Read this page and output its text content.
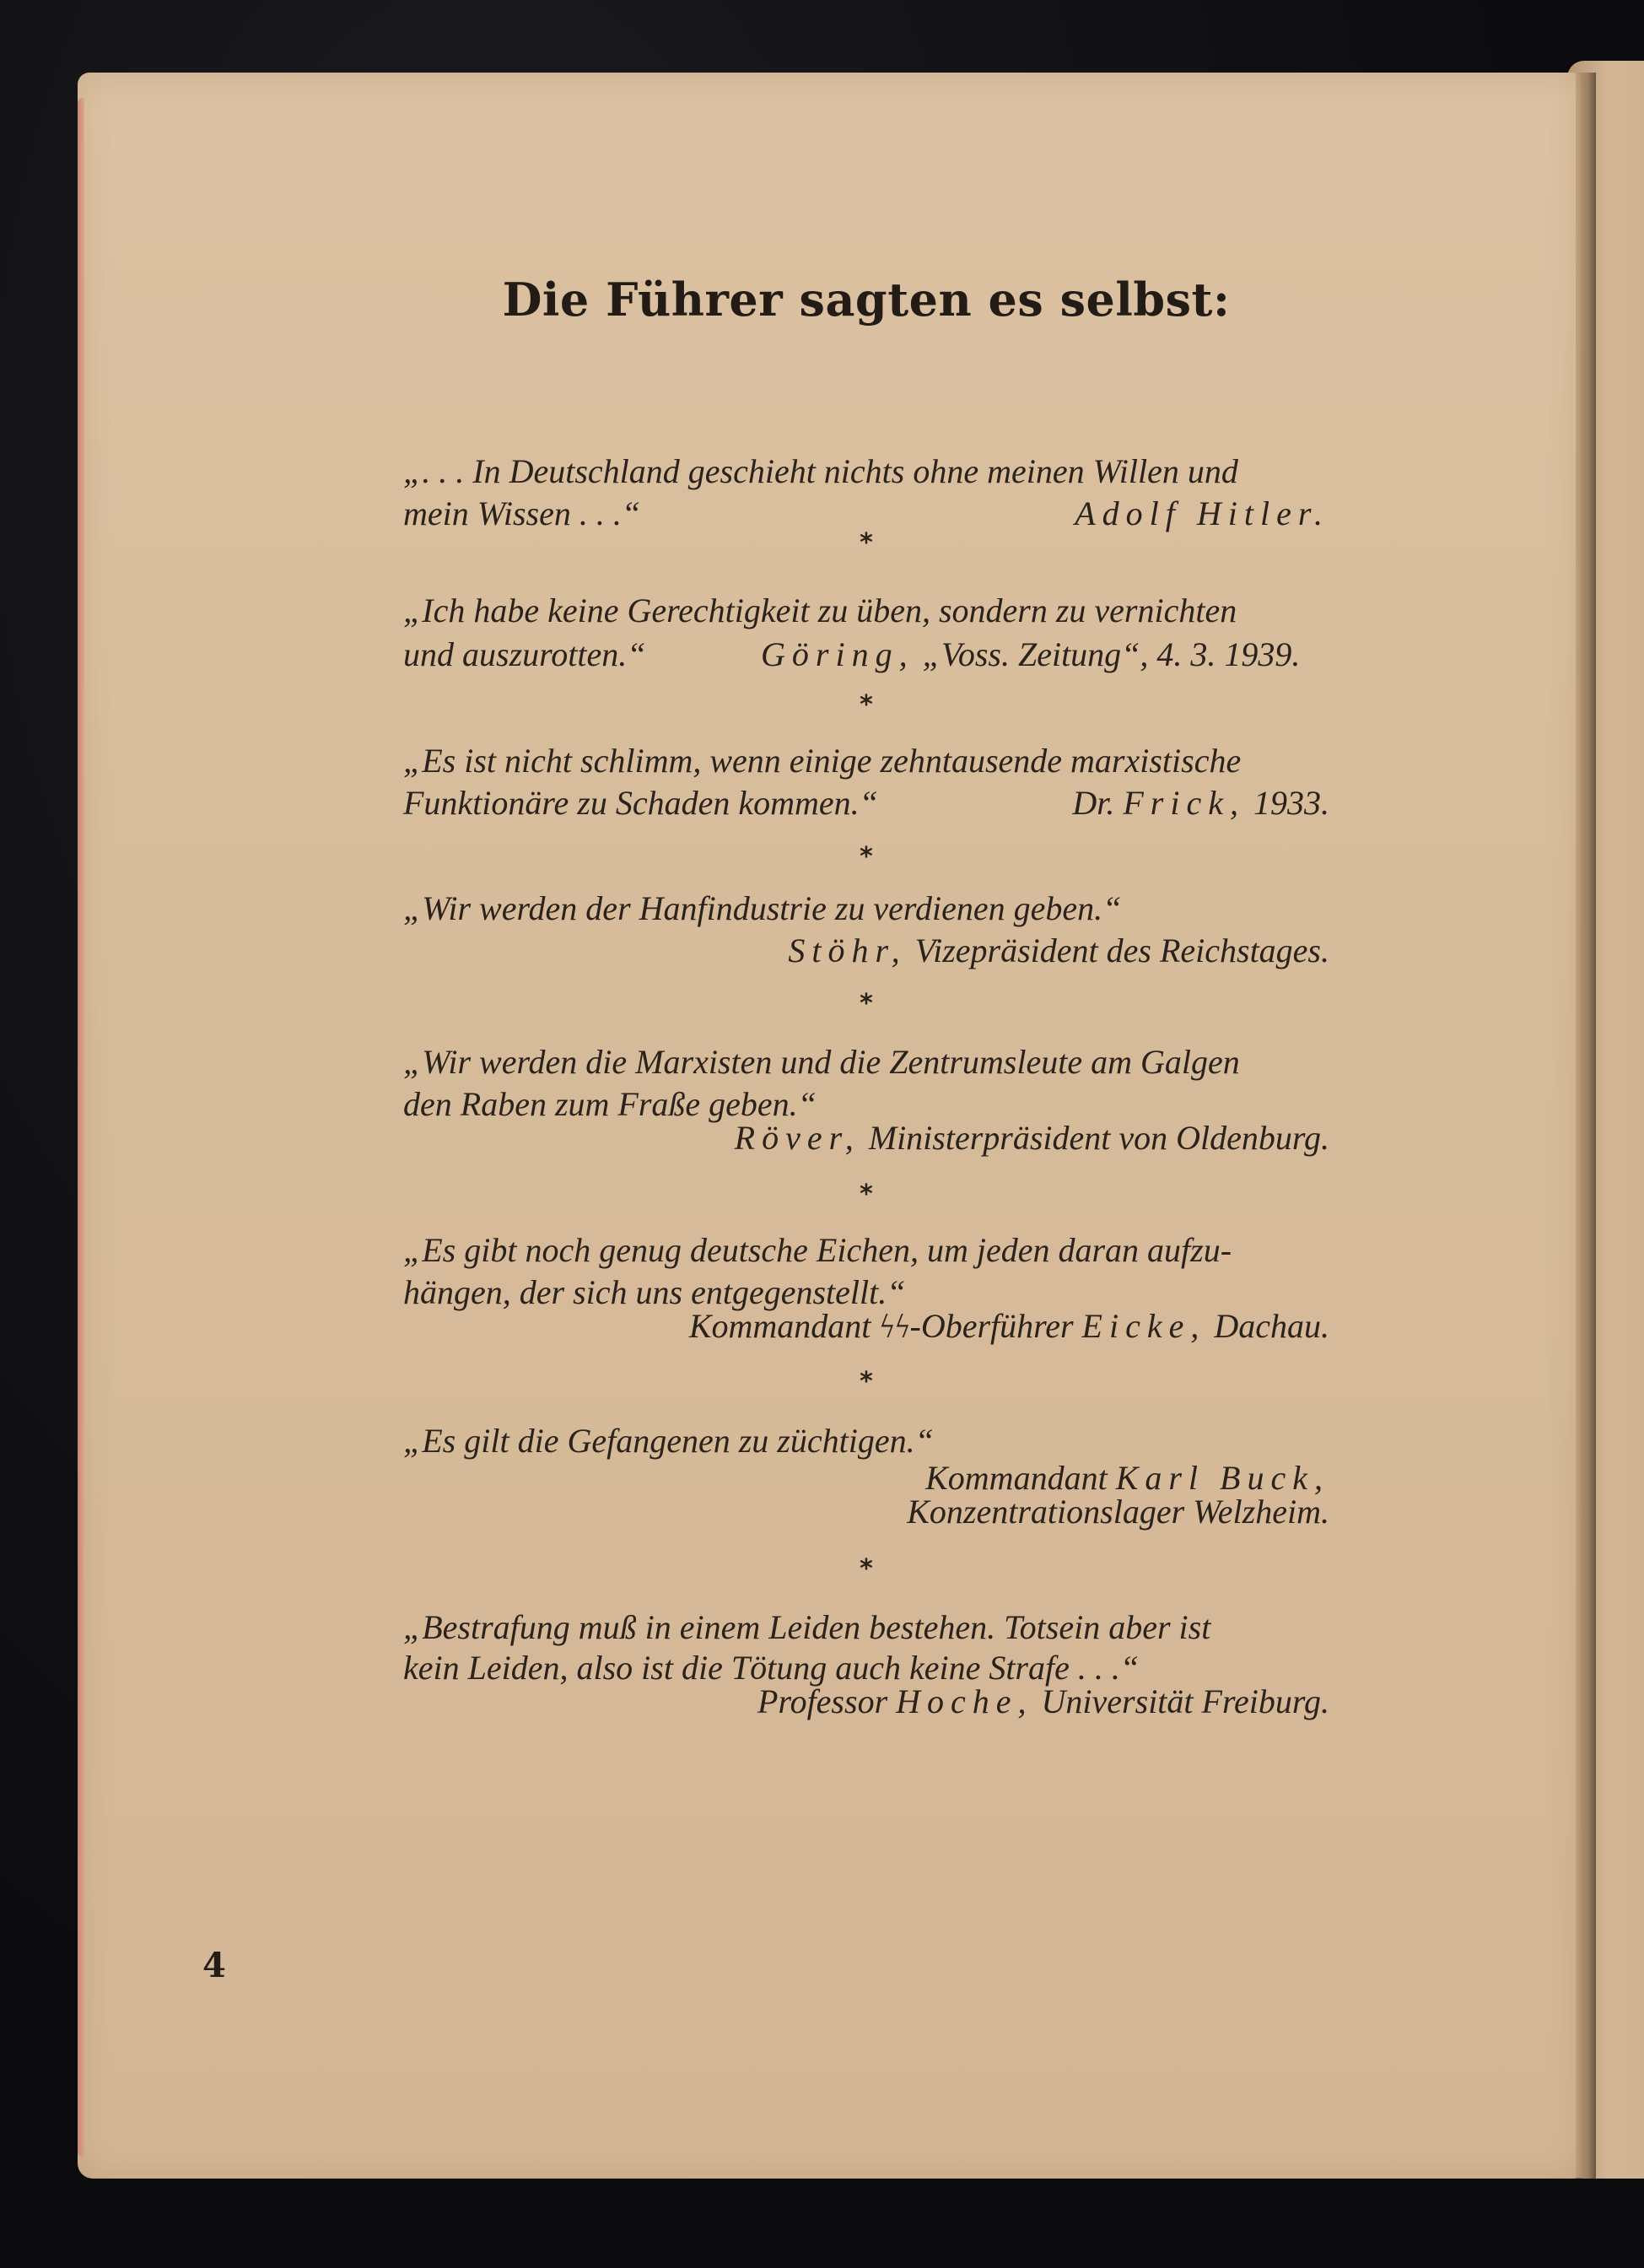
Die Führer sagten es selbst:
„. . . In Deutschland geschieht nichts ohne meinen Willen und
mein Wissen . . .“	Adolf Hitler.
*
„Ich habe keine Gerechtigkeit zu üben, sondern zu vernichten
und auszurotten.“	Göring, „Voss. Zeitung“, 4. 3. 1939.
*
„Es ist nicht schlimm, wenn einige zehntausende marxistische
Funktionäre zu Schaden kommen.“	Dr. Frick, 1933.
*
„Wir werden der Hanfindustrie zu verdienen geben.“
Stöhr, Vizepräsident des Reichstages.
*
„Wir werden die Marxisten und die Zentrumsleute am Galgen
den Raben zum Fraße geben.“
Röver, Ministerpräsident von Oldenburg.
*
„Es gibt noch genug deutsche Eichen, um jeden daran aufzu-
hängen, der sich uns entgegenstellt.“
Kommandant ϟϟ-Oberführer Eicke, Dachau.
*
„Es gilt die Gefangenen zu züchtigen.“
Kommandant Karl Buck,
Konzentrationslager Welzheim.
*
„Bestrafung muß in einem Leiden bestehen. Totsein aber ist
kein Leiden, also ist die Tötung auch keine Strafe . . .“
Professor Hoche, Universität Freiburg.
4
